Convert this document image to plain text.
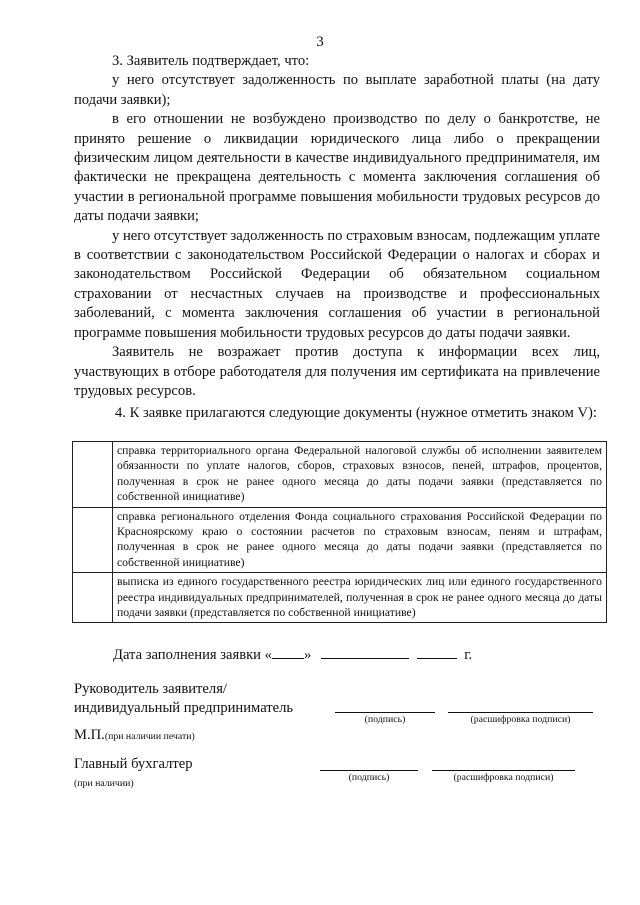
3

3. Заявитель подтверждает, что:

у него отсутствует задолженность по выплате заработной платы (на дату подачи заявки);

в его отношении не возбуждено производство по делу о банкротстве, не принято решение о ликвидации юридического лица либо о прекращении физическим лицом деятельности в качестве индивидуального предпринимателя, им фактически не прекращена деятельность с момента заключения соглашения об участии в региональной программе повышения мобильности трудовых ресурсов до даты подачи заявки;

у него отсутствует задолженность по страховым взносам, подлежащим уплате в соответствии с законодательством Российской Федерации о налогах и сборах и законодательством Российской Федерации об обязательном социальном страховании от несчастных случаев на производстве и профессиональных заболеваний, с момента заключения соглашения об участии в региональной программе повышения мобильности трудовых ресурсов до даты подачи заявки.

Заявитель не возражает против доступа к информации всех лиц, участвующих в отборе работодателя для получения им сертификата на привлечение трудовых ресурсов.

4. К заявке прилагаются следующие документы (нужное отметить знаком V):

	справка территориального органа Федеральной налоговой службы об исполнении заявителем обязанности по уплате налогов, сборов, страховых взносов, пеней, штрафов, процентов, полученная в срок не ранее одного месяца до даты подачи заявки (представляется по собственной инициативе)
	справка регионального отделения Фонда социального страхования Российской Федерации по Красноярскому краю о состоянии расчетов по страховым взносам, пеням и штрафам, полученная в срок не ранее одного месяца до даты подачи заявки (представляется по собственной инициативе)
	выписка из единого государственного реестра юридических лиц или единого государственного реестра индивидуальных предпринимателей, полученная в срок не ранее одного месяца до даты подачи заявки (представляется по собственной инициативе)
Дата заполнения заявки « »	г.
Руководитель заявителя/
индивидуальный предприниматель
(подпись)	(расшифровка подписи)
М.П.(при наличии печати)
Главный бухгалтер
(при наличии)
(подпись)	(расшифровка подписи)
